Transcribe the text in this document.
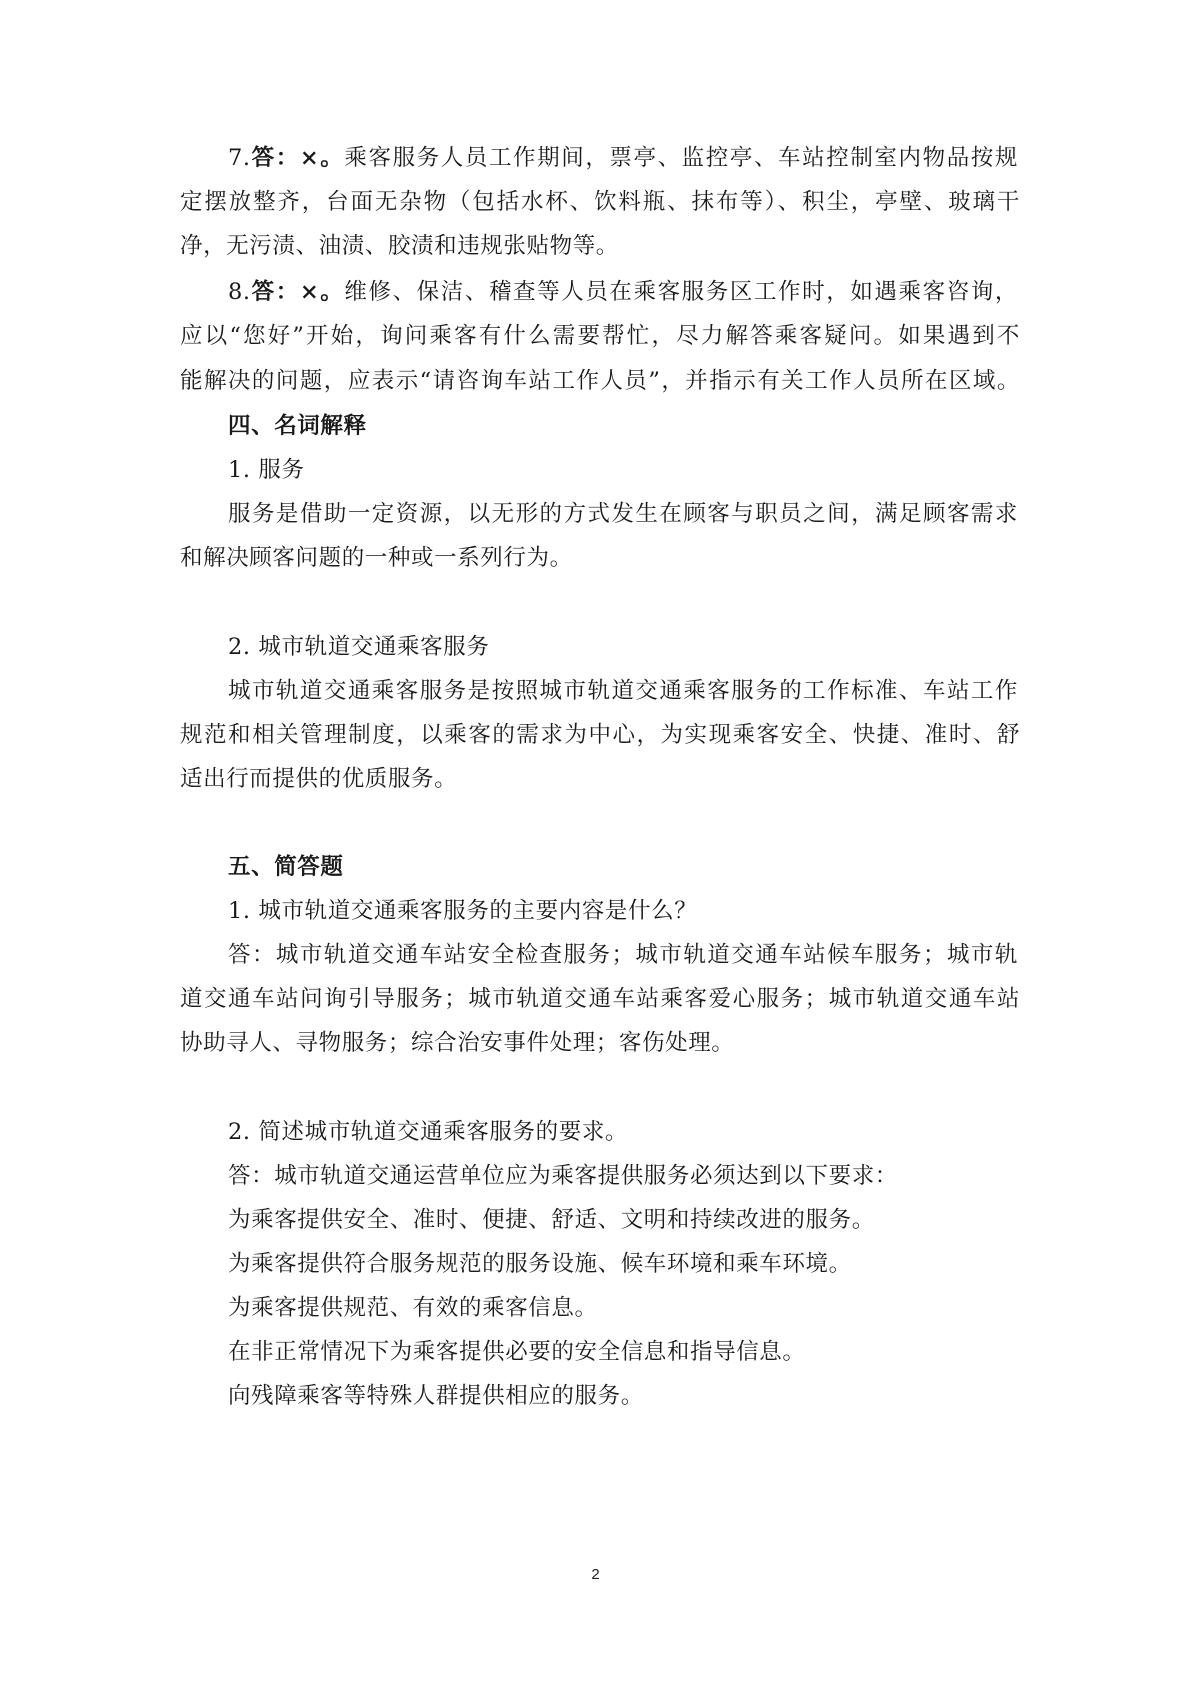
7.答：×。乘客服务人员工作期间，票亭、监控亭、车站控制室内物品按规
定摆放整齐，台面无杂物（包括水杯、饮料瓶、抹布等）、积尘，亭壁、玻璃干
净，无污渍、油渍、胶渍和违规张贴物等。
8.答：×。维修、保洁、稽查等人员在乘客服务区工作时，如遇乘客咨询，
应以“您好”开始，询问乘客有什么需要帮忙，尽力解答乘客疑问。如果遇到不
能解决的问题，应表示“请咨询车站工作人员”，并指示有关工作人员所在区域。
四、名词解释
1. 服务
服务是借助一定资源，以无形的方式发生在顾客与职员之间，满足顾客需求
和解决顾客问题的一种或一系列行为。
2. 城市轨道交通乘客服务
城市轨道交通乘客服务是按照城市轨道交通乘客服务的工作标准、车站工作
规范和相关管理制度，以乘客的需求为中心，为实现乘客安全、快捷、准时、舒
适出行而提供的优质服务。
五、简答题
1. 城市轨道交通乘客服务的主要内容是什么？
答：城市轨道交通车站安全检查服务；城市轨道交通车站候车服务；城市轨
道交通车站问询引导服务；城市轨道交通车站乘客爱心服务；城市轨道交通车站
协助寻人、寻物服务；综合治安事件处理；客伤处理。
2. 简述城市轨道交通乘客服务的要求。
答：城市轨道交通运营单位应为乘客提供服务必须达到以下要求：
为乘客提供安全、准时、便捷、舒适、文明和持续改进的服务。
为乘客提供符合服务规范的服务设施、候车环境和乘车环境。
为乘客提供规范、有效的乘客信息。
在非正常情况下为乘客提供必要的安全信息和指导信息。
向残障乘客等特殊人群提供相应的服务。
2
